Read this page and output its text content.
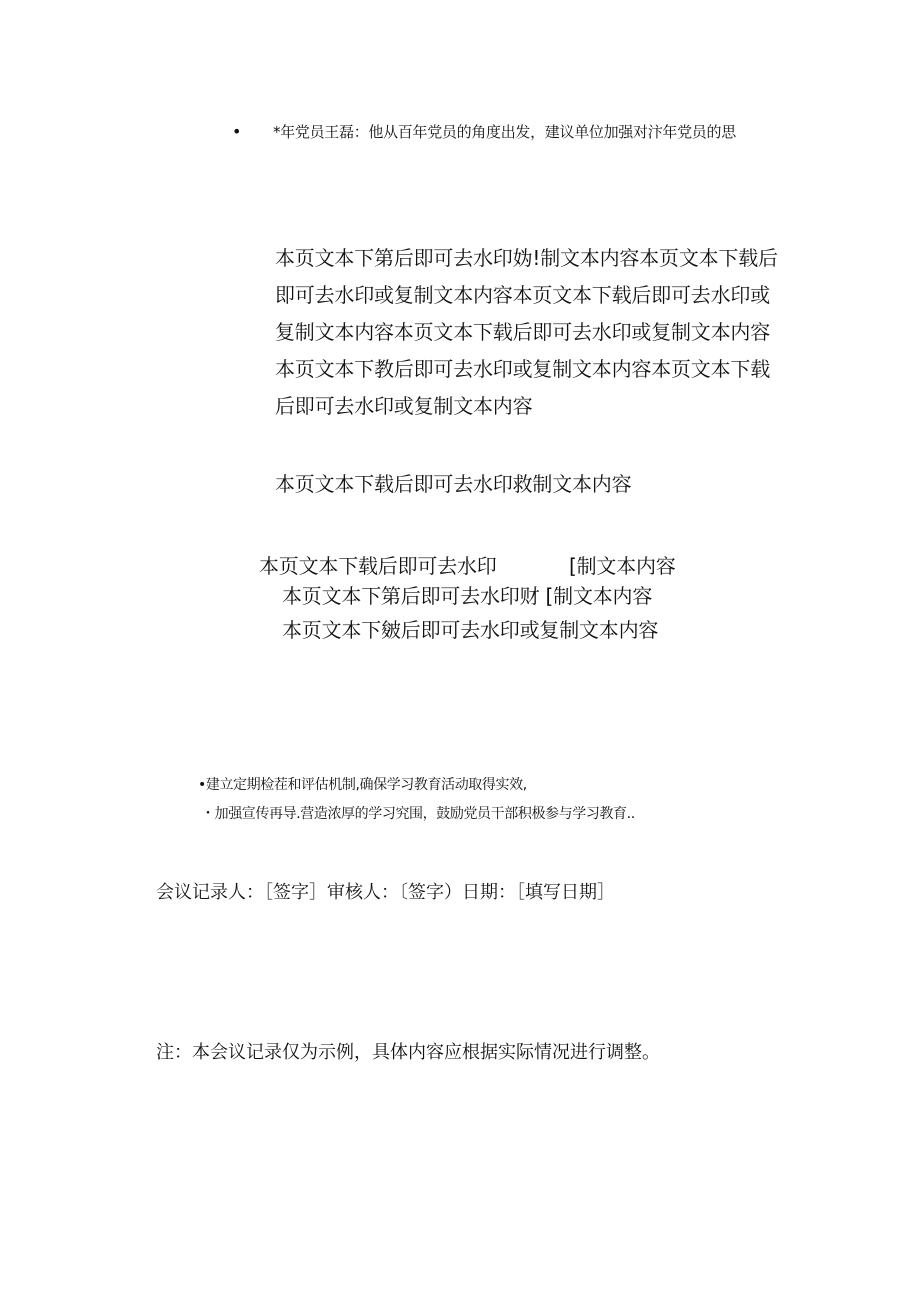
• *年党员王磊：他从百年党员的角度出发，建议单位加强对汴年党员的思
本页文本下第后即可去水印妫!制文本内容本页文本下载后
即可去水印或复制文本内容本页文本下载后即可去水印或
复制文本内容本页文本下载后即可去水印或复制文本内容
本页文本下教后即可去水印或复制文本内容本页文本下载
后即可去水印或复制文本内容
本页文本下载后即可去水印救制文本内容
本页文本下载后即可去水印	[制文本内容
本页文本下第后即可去水印财 [制文本内容
本页文本下皴后即可去水印或复制文本内容
•建立定期检茬和评估机制,确保学习教育活动取得实效,
・加强宣传再导.营造浓厚的学习究围，鼓励党员干部积极参与学习教育..
会议记录人：［签字］审核人：〔签字）日期：［填写日期］
注：本会议记录仅为示例，具体内容应根据实际情况进行调整。
